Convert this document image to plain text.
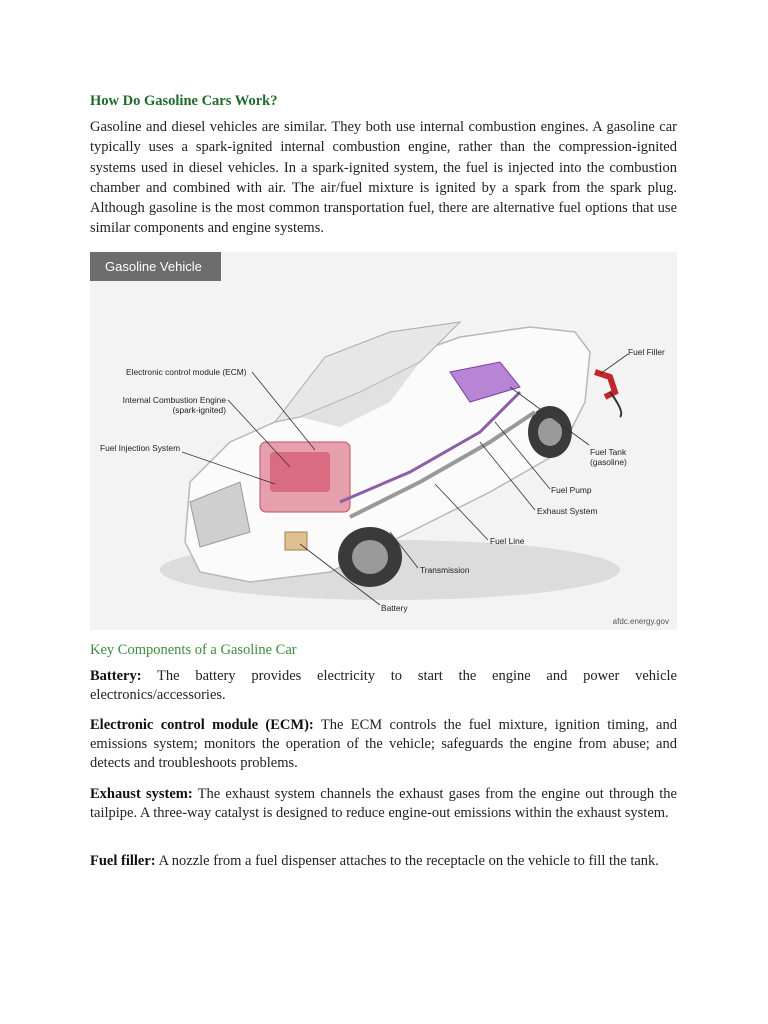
How Do Gasoline Cars Work?

Gasoline and diesel vehicles are similar. They both use internal combustion engines. A gasoline car typically uses a spark-ignited internal combustion engine, rather than the compression-ignited systems used in diesel vehicles. In a spark-ignited system, the fuel is injected into the combustion chamber and combined with air. The air/fuel mixture is ignited by a spark from the spark plug. Although gasoline is the most common transportation fuel, there are alternative fuel options that use similar components and engine systems.

Gasoline Vehicle
Electronic control module (ECM)
Internal Combustion Engine
(spark-ignited)
Fuel Injection System
Fuel Filler
Fuel Tank
(gasoline)
Fuel Pump
Exhaust System
Fuel Line
Transmission
Battery
afdc.energy.gov
Key Components of a Gasoline Car

Battery: The battery provides electricity to start the engine and power vehicle electronics/accessories.

Electronic control module (ECM): The ECM controls the fuel mixture, ignition timing, and emissions system; monitors the operation of the vehicle; safeguards the engine from abuse; and detects and troubleshoots problems.

Exhaust system: The exhaust system channels the exhaust gases from the engine out through the tailpipe. A three-way catalyst is designed to reduce engine-out emissions within the exhaust system.

Fuel filler: A nozzle from a fuel dispenser attaches to the receptacle on the vehicle to fill the tank.
